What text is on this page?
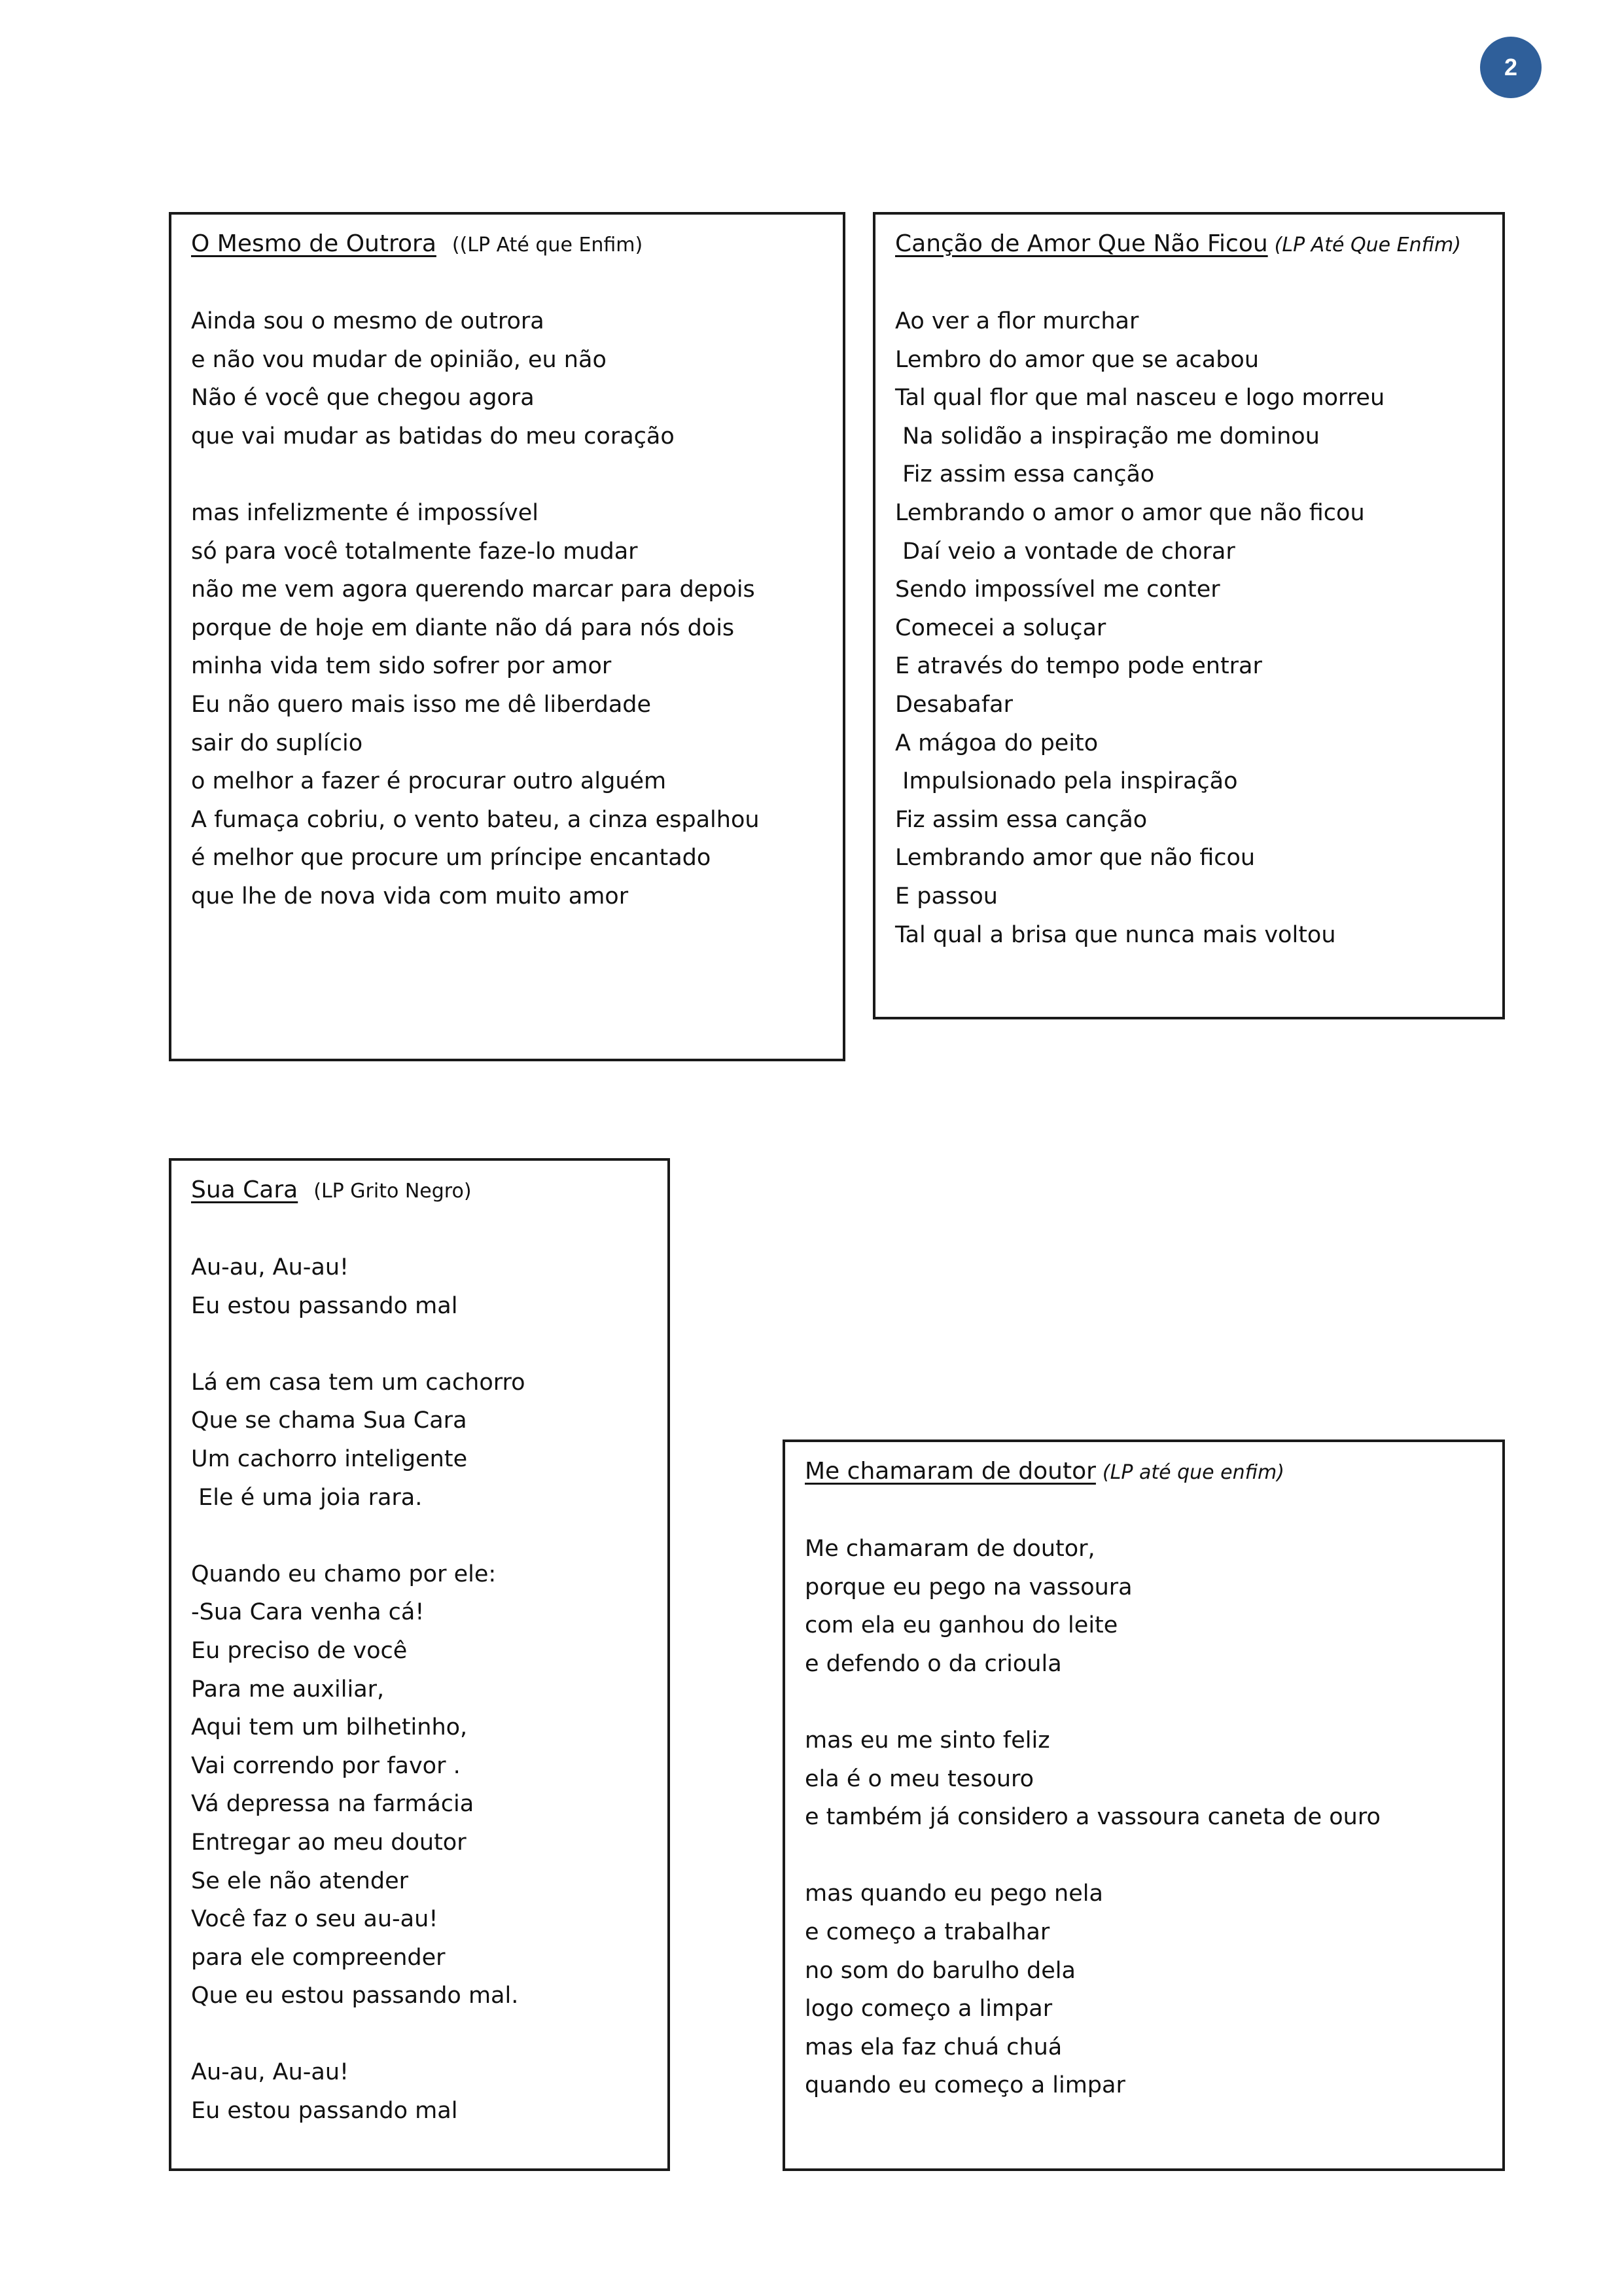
2
O Mesmo de Outrora ((LP Até que Enfim)
Ainda sou o mesmo de outrora
e não vou mudar de opinião, eu não
Não é você que chegou agora
que vai mudar as batidas do meu coração
mas infelizmente é impossível
só para você totalmente faze-lo mudar
não me vem agora querendo marcar para depois
porque de hoje em diante não dá para nós dois
minha vida tem sido sofrer por amor
Eu não quero mais isso me dê liberdade
sair do suplício
o melhor a fazer é procurar outro alguém
A fumaça cobriu, o vento bateu, a cinza espalhou
é melhor que procure um príncipe encantado
que lhe de nova vida com muito amor
Canção de Amor Que Não Ficou (LP Até Que Enfim)
Ao ver a flor murchar
Lembro do amor que se acabou
Tal qual flor que mal nasceu e logo morreu
Na solidão a inspiração me dominou
Fiz assim essa canção
Lembrando o amor o amor que não ficou
Daí veio a vontade de chorar
Sendo impossível me conter
Comecei a soluçar
E através do tempo pode entrar
Desabafar
A mágoa do peito
Impulsionado pela inspiração
Fiz assim essa canção
Lembrando amor que não ficou
E passou
Tal qual a brisa que nunca mais voltou
Sua Cara (LP Grito Negro)
Au-au, Au-au!
Eu estou passando mal
Lá em casa tem um cachorro
Que se chama Sua Cara
Um cachorro inteligente
Ele é uma joia rara.
Quando eu chamo por ele:
-Sua Cara venha cá!
Eu preciso de você
Para me auxiliar,
Aqui tem um bilhetinho,
Vai correndo por favor .
Vá depressa na farmácia
Entregar ao meu doutor
Se ele não atender
Você faz o seu au-au!
para ele compreender
Que eu estou passando mal.
Au-au, Au-au!
Eu estou passando mal
Me chamaram de doutor (LP até que enfim)
Me chamaram de doutor,
porque eu pego na vassoura
com ela eu ganhou do leite
e defendo o da crioula
mas eu me sinto feliz
ela é o meu tesouro
e também já considero a vassoura caneta de ouro
mas quando eu pego nela
e começo a trabalhar
no som do barulho dela
logo começo a limpar
mas ela faz chuá chuá
quando eu começo a limpar
